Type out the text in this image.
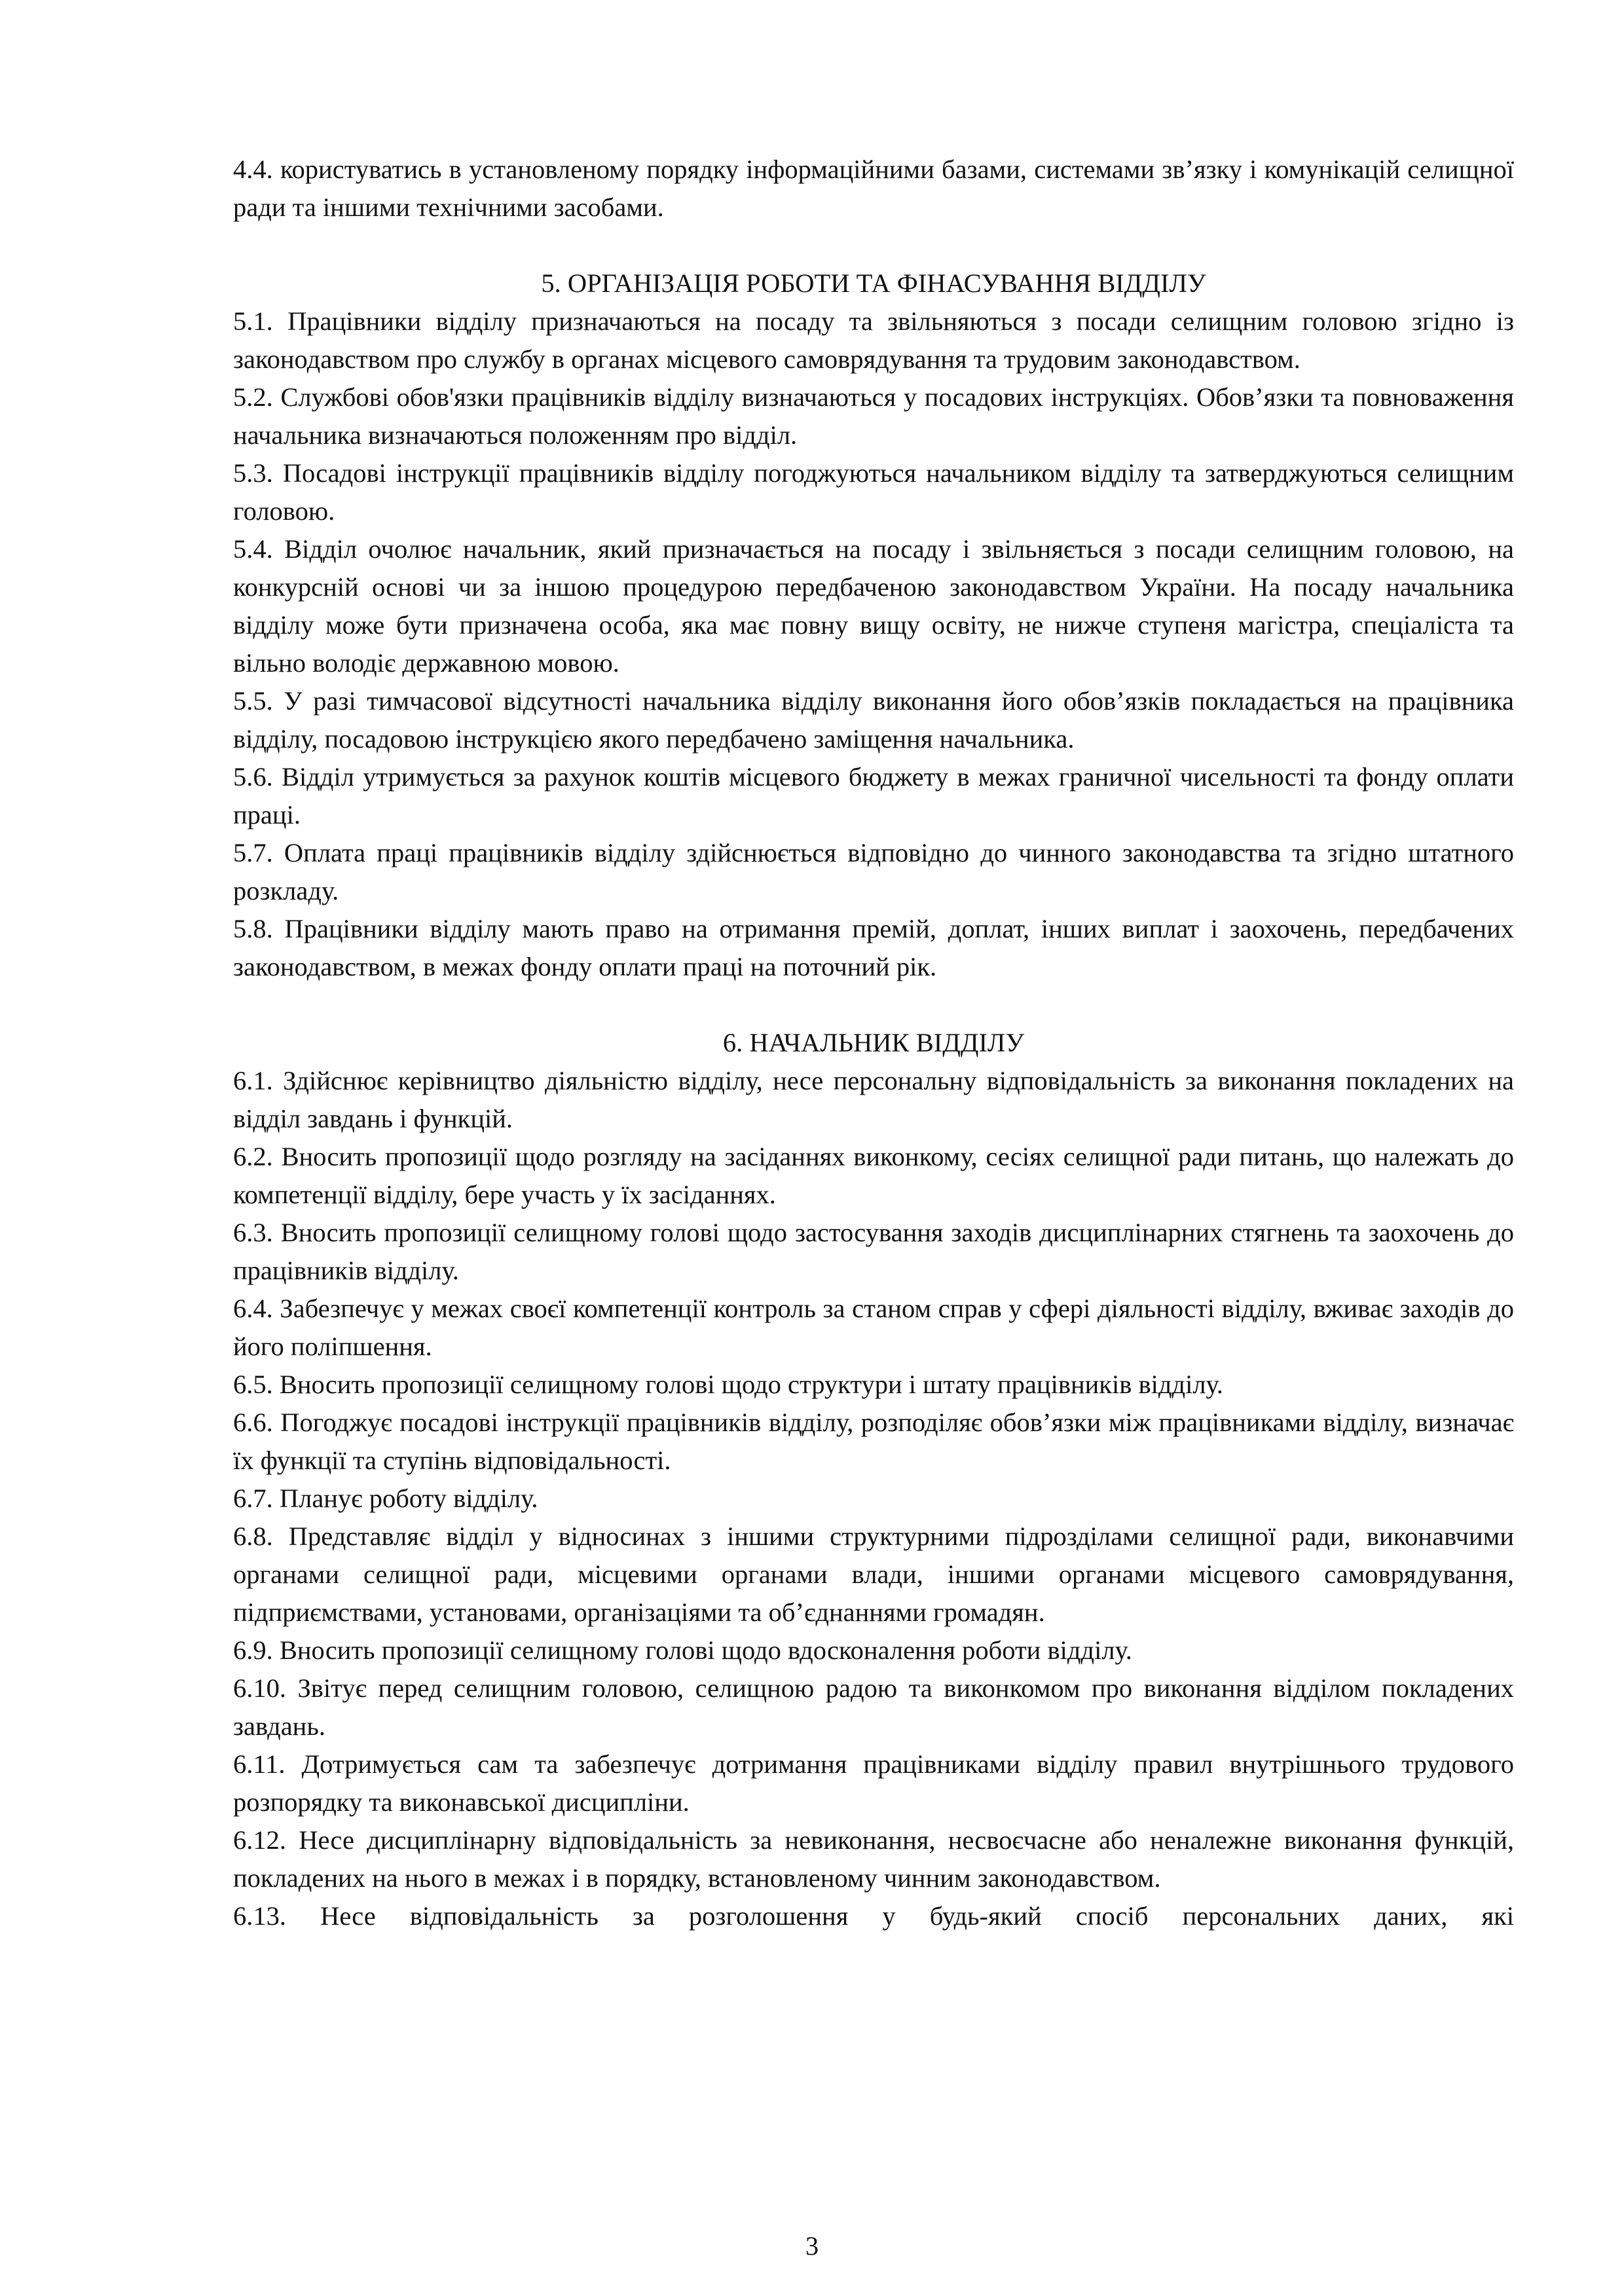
4.4. користуватись в установленому порядку інформаційними базами, системами зв’язку і комунікацій селищної ради та іншими технічними засобами.

5. ОРГАНІЗАЦІЯ РОБОТИ ТА ФІНАСУВАННЯ ВІДДІЛУ

5.1. Працівники відділу призначаються на посаду та звільняються з посади селищним головою згідно із законодавством про службу в органах місцевого самоврядування та трудовим законодавством.

5.2. Службові обов'язки працівників відділу визначаються у посадових інструкціях. Обов’язки та повноваження начальника визначаються положенням про відділ.

5.3. Посадові інструкції працівників відділу погоджуються начальником відділу та затверджуються селищним головою.

5.4. Відділ очолює начальник, який призначається на посаду і звільняється з посади селищним головою, на конкурсній основі чи за іншою процедурою передбаченою законодавством України. На посаду начальника відділу може бути призначена особа, яка має повну вищу освіту, не нижче ступеня магістра, спеціаліста та вільно володіє державною мовою.

5.5. У разі тимчасової відсутності начальника відділу виконання його обов’язків покладається на працівника відділу, посадовою інструкцією якого передбачено заміщення начальника.

5.6. Відділ утримується за рахунок коштів місцевого бюджету в межах граничної чисельності та фонду оплати праці.

5.7. Оплата праці працівників відділу здійснюється відповідно до чинного законодавства та згідно штатного розкладу.

5.8. Працівники відділу мають право на отримання премій, доплат, інших виплат і заохочень, передбачених законодавством, в межах фонду оплати праці на поточний рік.

6. НАЧАЛЬНИК ВІДДІЛУ

6.1. Здійснює керівництво діяльністю відділу, несе персональну відповідальність за виконання покладених на відділ завдань і функцій.

6.2. Вносить пропозиції щодо розгляду на засіданнях виконкому, сесіях селищної ради питань, що належать до компетенції відділу, бере участь у їх засіданнях.

6.3. Вносить пропозиції селищному голові щодо застосування заходів дисциплінарних стягнень та заохочень до працівників відділу.

6.4. Забезпечує у межах своєї компетенції контроль за станом справ у сфері діяльності відділу, вживає заходів до його поліпшення.

6.5. Вносить пропозиції селищному голові щодо структури і штату працівників відділу.

6.6. Погоджує посадові інструкції працівників відділу, розподіляє обов’язки між працівниками відділу, визначає їх функції та ступінь відповідальності.

6.7. Планує роботу відділу.

6.8. Представляє відділ у відносинах з іншими структурними підрозділами селищної ради, виконавчими органами селищної ради, місцевими органами влади, іншими органами місцевого самоврядування, підприємствами, установами, організаціями та об’єднаннями громадян.

6.9. Вносить пропозиції селищному голові щодо вдосконалення роботи відділу.

6.10. Звітує перед селищним головою, селищною радою та виконкомом про виконання відділом покладених завдань.

6.11. Дотримується сам та забезпечує дотримання працівниками відділу правил внутрішнього трудового розпорядку та виконавської дисципліни.

6.12. Несе дисциплінарну відповідальність за невиконання, несвоєчасне або неналежне виконання функцій, покладених на нього в межах і в порядку, встановленому чинним законодавством.

6.13. Несе відповідальність за розголошення у будь-який спосіб персональних даних, які

3
